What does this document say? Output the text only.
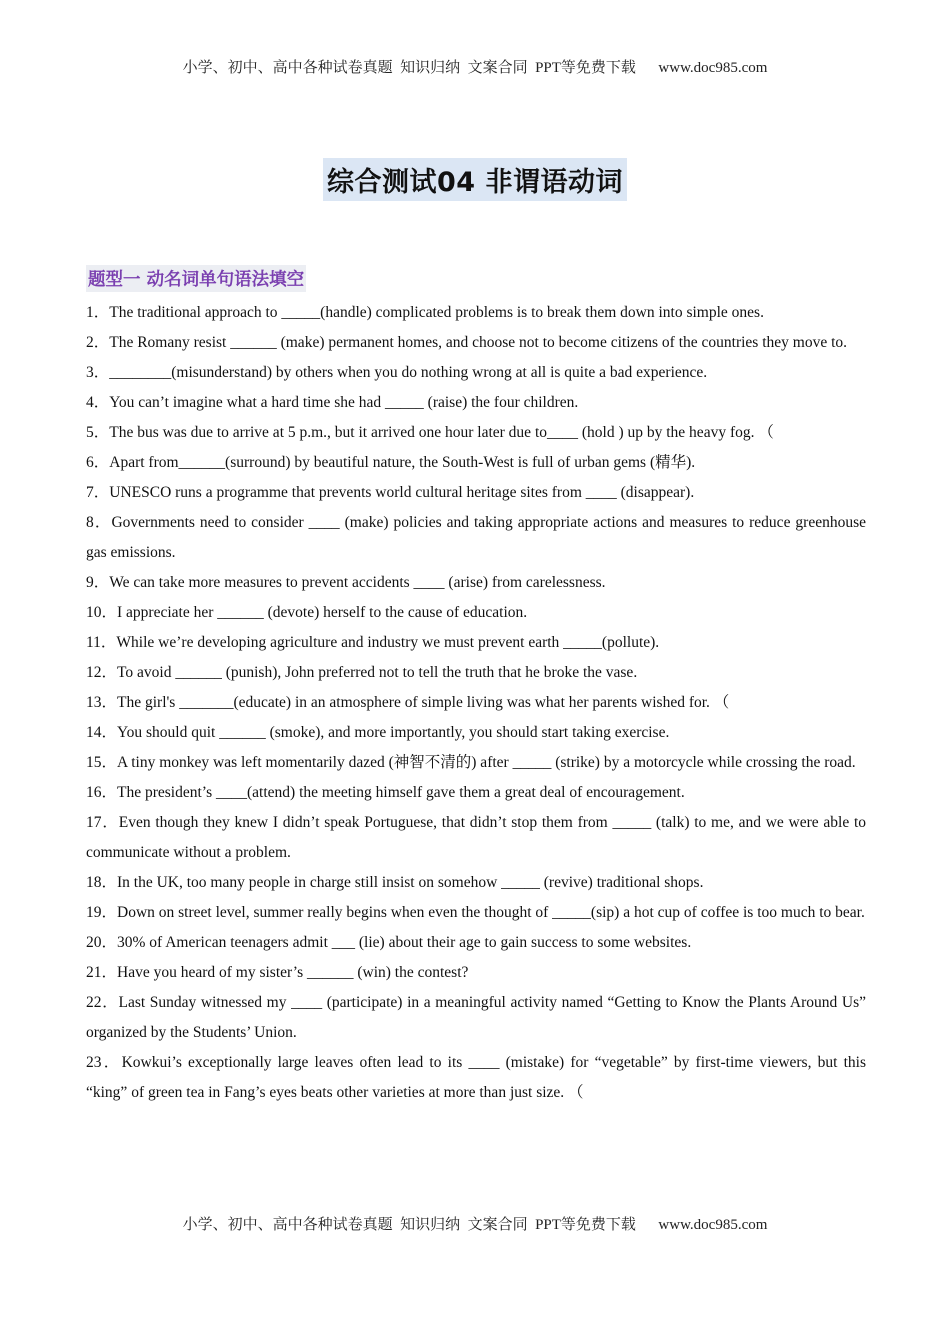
小学、初中、高中各种试卷真题  知识归纳  文案合同  PPT等免费下载      www.doc985.com
综合测试04 非谓语动词
题型一 动名词单句语法填空

1．The traditional approach to _____(handle) complicated problems is to break them down into simple ones.

2．The Romany resist ______ (make) permanent homes, and choose not to become citizens of the countries they move to.

3．________(misunderstand) by others when you do nothing wrong at all is quite a bad experience.

4．You can’t imagine what a hard time she had _____ (raise) the four children.

5．The bus was due to arrive at 5 p.m., but it arrived one hour later due to____ (hold ) up by the heavy fog. （

6．Apart from______(surround) by beautiful nature, the South-West is full of urban gems (精华).

7．UNESCO runs a programme that prevents world cultural heritage sites from ____ (disappear).

8．Governments need to consider ____ (make) policies and taking appropriate actions and measures to reduce greenhouse gas emissions.

9．We can take more measures to prevent accidents ____ (arise) from carelessness.

10．I appreciate her ______ (devote) herself to the cause of education.

11．While we’re developing agriculture and industry we must prevent earth _____(pollute).

12．To avoid ______ (punish), John preferred not to tell the truth that he broke the vase.

13．The girl's _______(educate) in an atmosphere of simple living was what her parents wished for. （

14．You should quit ______ (smoke), and more importantly, you should start taking exercise.

15．A tiny monkey was left momentarily dazed (神智不清的) after _____ (strike) by a motorcycle while crossing the road.

16．The president’s ____(attend) the meeting himself gave them a great deal of encouragement.

17．Even though they knew I didn’t speak Portuguese, that didn’t stop them from _____ (talk) to me, and we were able to communicate without a problem.

18．In the UK, too many people in charge still insist on somehow _____ (revive) traditional shops.

19．Down on street level, summer really begins when even the thought of _____(sip) a hot cup of coffee is too much to bear.

20．30% of American teenagers admit ___ (lie) about their age to gain success to some websites.

21．Have you heard of my sister’s ______ (win) the contest?

22．Last Sunday witnessed my ____ (participate) in a meaningful activity named “Getting to Know the Plants Around Us” organized by the Students’ Union.

23．Kowkui’s exceptionally large leaves often lead to its ____ (mistake) for “vegetable” by first-time viewers, but this “king” of green tea in Fang’s eyes beats other varieties at more than just size. （

小学、初中、高中各种试卷真题  知识归纳  文案合同  PPT等免费下载      www.doc985.com
